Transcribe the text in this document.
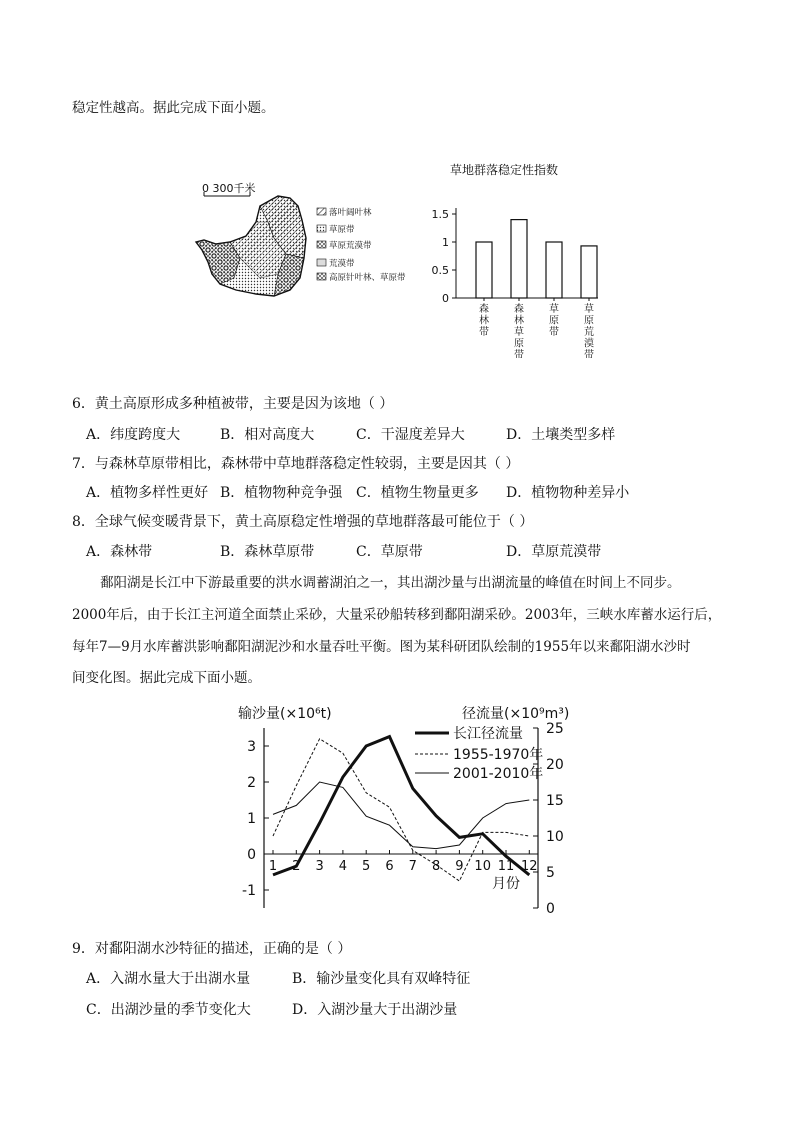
稳定性越高。据此完成下面小题。
0 300千米
落叶阔叶林
草原带
草原荒漠带
荒漠带
高原针叶林、草原带
草地群落稳定性指数
0
0.5
1
1.5
森
林
带
森
林
草
原
带
草
原
带
草
原
荒
漠
带
6．黄土高原形成多种植被带，主要是因为该地（ ）
A．纬度跨度大	B．相对高度大	C．干湿度差异大	D．土壤类型多样
7．与森林草原带相比，森林带中草地群落稳定性较弱，主要是因其（ ）
A．植物多样性更好 B．植物物种竞争强 C．植物生物量更多	D．植物物种差异小
8．全球气候变暖背景下，黄土高原稳定性增强的草地群落最可能位于（ ）
A．森林带	B．森林草原带	C．草原带	D．草原荒漠带
鄱阳湖是长江中下游最重要的洪水调蓄湖泊之一，其出湖沙量与出湖流量的峰值在时间上不同步。
2000年后，由于长江主河道全面禁止采砂，大量采砂船转移到鄱阳湖采砂。2003年，三峡水库蓄水运行后，
每年7—9月水库蓄洪影响鄱阳湖泥沙和水量吞吐平衡。图为某科研团队绘制的1955年以来鄱阳湖水沙时
间变化图。据此完成下面小题。
输沙量(×10⁶t)	径流量(×10⁹m³)
3
2
1
0
-1
25
20
15
10
5
0
1 2 3 4 5 6 7 8 9 10 11 12
月份
长江径流量
1955-1970年
2001-2010年
9．对鄱阳湖水沙特征的描述，正确的是（ ）
A．入湖水量大于出湖水量	B．输沙量变化具有双峰特征
C．出湖沙量的季节变化大	D．入湖沙量大于出湖沙量
